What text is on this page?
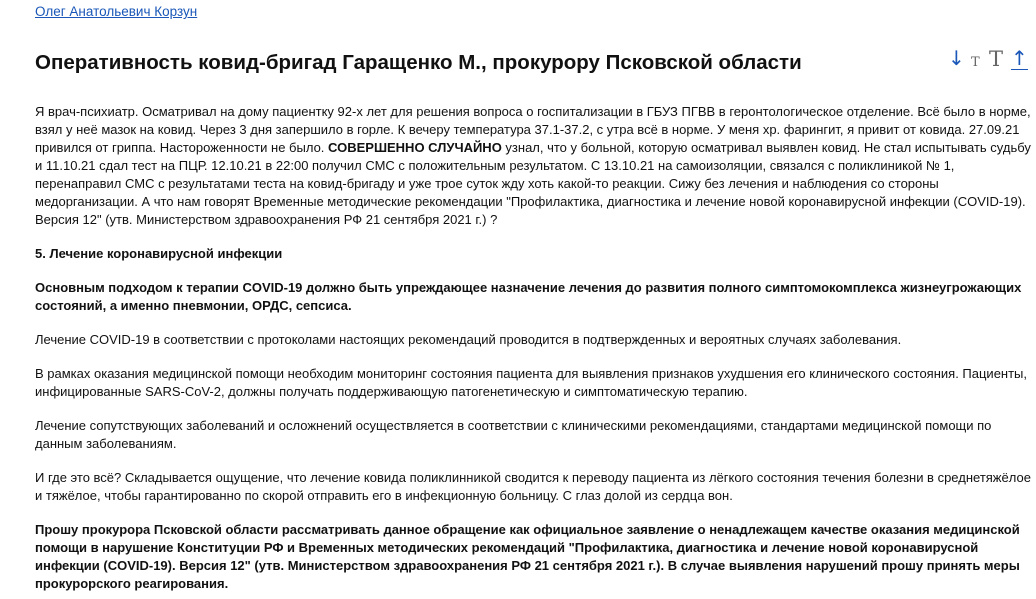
Олег Анатольевич Корзун
Оперативность ковид-бригад Гаращенко М., прокурору Псковской области	↓ T T ↑

Я врач-психиатр. Осматривал на дому пациентку 92-х лет для решения вопроса о госпитализации в ГБУЗ ПГВВ в геронтологическое отделение. Всё было в норме, взял у неё мазок на ковид. Через 3 дня запершило в горле. К вечеру температура 37.1-37.2, с утра всё в норме. У меня хр. фарингит, я привит от ковида. 27.09.21 привился от гриппа. Настороженности не было. СОВЕРШЕННО СЛУЧАЙНО узнал, что у больной, которую осматривал выявлен ковид. Не стал испытывать судьбу и 11.10.21 сдал тест на ПЦР. 12.10.21 в 22:00 получил СМС с положительным результатом. С 13.10.21 на самоизоляции, связался с поликлиникой № 1, перенаправил СМС с результатами теста на ковид-бригаду и уже трое суток жду хоть какой-то реакции. Сижу без лечения и наблюдения со стороны медорганизации. А что нам говорят Временные методические рекомендации "Профилактика, диагностика и лечение новой коронавирусной инфекции (COVID-19). Версия 12" (утв. Министерством здравоохранения РФ 21 сентября 2021 г.) ?

5. Лечение коронавирусной инфекции

Основным подходом к терапии COVID-19 должно быть упреждающее назначение лечения до развития полного симптомокомплекса жизнеугрожающих состояний, а именно пневмонии, ОРДС, сепсиса.

Лечение COVID-19 в соответствии с протоколами настоящих рекомендаций проводится в подтвержденных и вероятных случаях заболевания.

В рамках оказания медицинской помощи необходим мониторинг состояния пациента для выявления признаков ухудшения его клинического состояния. Пациенты, инфицированные SARS-CoV-2, должны получать поддерживающую патогенетическую и симптоматическую терапию.

Лечение сопутствующих заболеваний и осложнений осуществляется в соответствии с клиническими рекомендациями, стандартами медицинской помощи по данным заболеваниям.

И где это всё? Складывается ощущение, что лечение ковида поликлинникой сводится к переводу пациента из лёгкого состояния течения болезни в среднетяжёлое и тяжёлое, чтобы гарантированно по скорой отправить его в инфекционную больницу. С глаз долой из сердца вон.

Прошу прокурора Псковской области рассматривать данное обращение как официальное заявление о ненадлежащем качестве оказания медицинской помощи в нарушение Конституции РФ и Временных методических рекомендаций "Профилактика, диагностика и лечение новой коронавирусной инфекции (COVID-19). Версия 12" (утв. Министерством здравоохранения РФ 21 сентября 2021 г.). В случае выявления нарушений прошу принять меры прокурорского реагирования.
